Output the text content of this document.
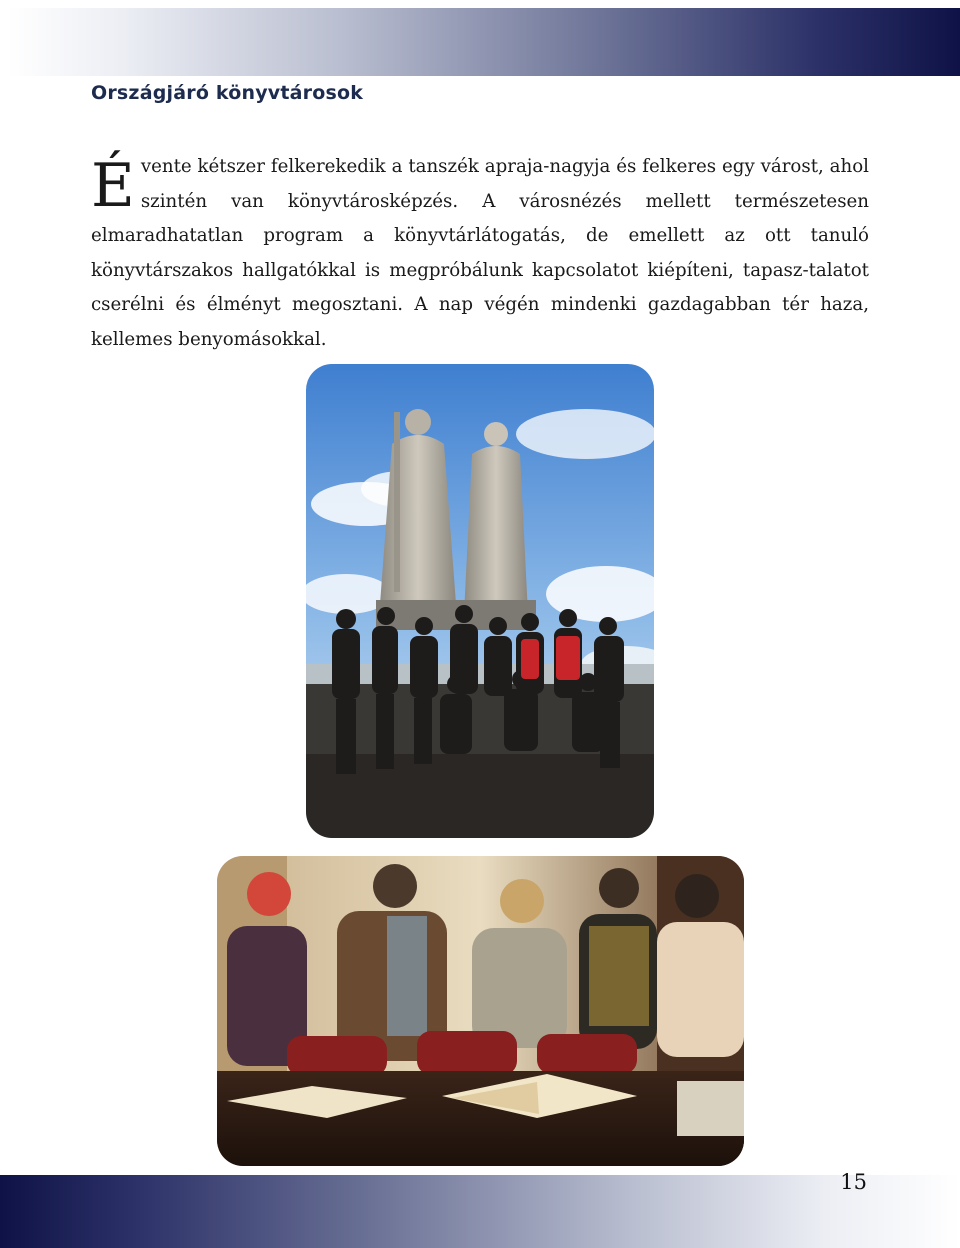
Országjáró könyvtárosok

Évente kétszer felkerekedik a tanszék apraja-nagyja és felkeres egy várost, ahol szintén van könyvtárosképzés. A városnézés mellett természetesen elmaradhatatlan program a könyvtárlátogatás, de emellett az ott tanuló könyvtárszakos hallgatókkal is megpróbálunk kapcsolatot kiépíteni, tapasz-talatot cserélni és élményt megosztani. A nap végén mindenki gazdagabban tér haza, kellemes benyomásokkal.

15
